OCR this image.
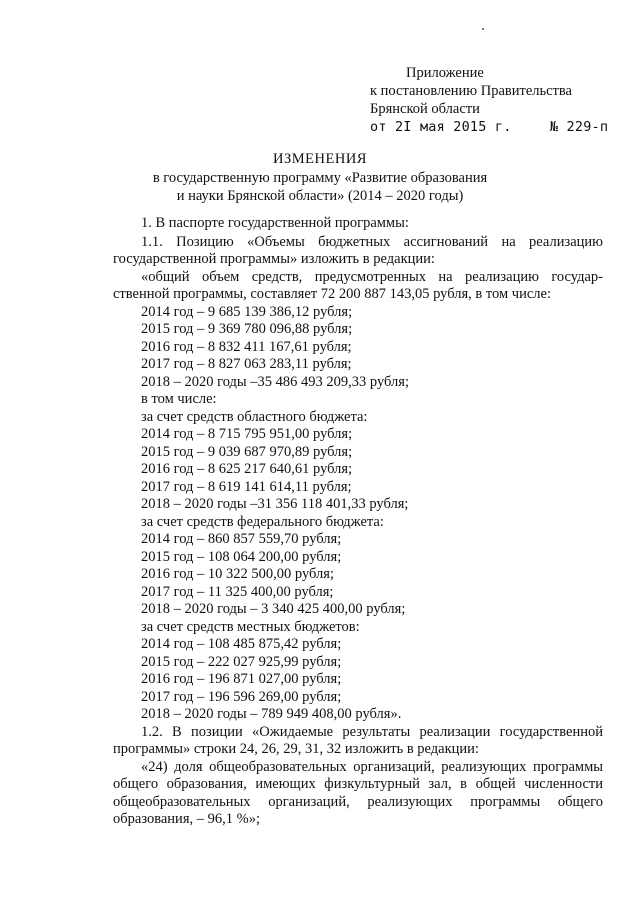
Приложение
к постановлению Правительства
Брянской области
от 2I мая 2015 г.	№ 229-п
ИЗМЕНЕНИЯ
в государственную программу «Развитие образования
и науки Брянской области» (2014 – 2020 годы)

1. В паспорте государственной программы:

1.1. Позицию «Объемы бюджетных ассигнований на реализацию

государственной программы» изложить в редакции:

«общий объем средств, предусмотренных на реализацию государ-

ственной программы, составляет 72 200 887 143,05 рубля, в том числе:

2014 год – 9 685 139 386,12 рубля;

2015 год – 9 369 780 096,88 рубля;

2016 год – 8 832 411 167,61 рубля;

2017 год – 8 827 063 283,11 рубля;

2018 – 2020 годы –35 486 493 209,33 рубля;

в том числе:

за счет средств областного бюджета:

2014 год – 8 715 795 951,00 рубля;

2015 год – 9 039 687 970,89 рубля;

2016 год – 8 625 217 640,61 рубля;

2017 год – 8 619 141 614,11 рубля;

2018 – 2020 годы –31 356 118 401,33 рубля;

за счет средств федерального бюджета:

2014 год – 860 857 559,70 рубля;

2015 год – 108 064 200,00 рубля;

2016 год – 10 322 500,00 рубля;

2017 год – 11 325 400,00 рубля;

2018 – 2020 годы – 3 340 425 400,00 рубля;

за счет средств местных бюджетов:

2014 год – 108 485 875,42 рубля;

2015 год – 222 027 925,99 рубля;

2016 год – 196 871 027,00 рубля;

2017 год – 196 596 269,00 рубля;

2018 – 2020 годы – 789 949 408,00 рубля».

1.2. В позиции «Ожидаемые результаты реализации государственной

программы» строки 24, 26, 29, 31, 32 изложить в редакции:

«24) доля общеобразовательных организаций, реализующих программы

общего образования, имеющих физкультурный зал, в общей численности

общеобразовательных организаций, реализующих программы общего

образования, – 96,1 %»;
